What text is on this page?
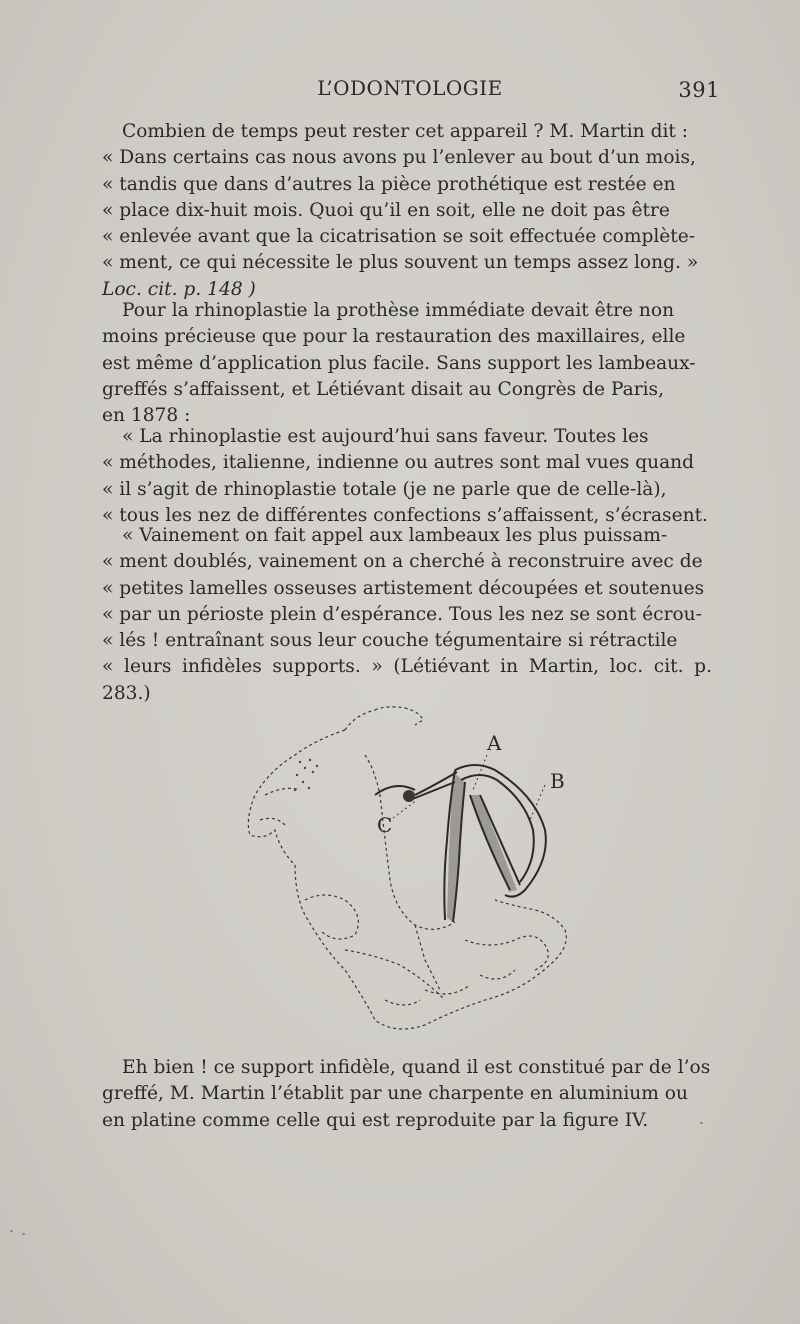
L’ODONTOLOGIE	391
Combien de temps peut rester cet appareil ? M. Martin dit :
« Dans certains cas nous avons pu l’enlever au bout d’un mois,
« tandis que dans d’autres la pièce prothétique est restée en
« place dix-huit mois. Quoi qu’il en soit, elle ne doit pas être
« enlevée avant que la cicatrisation se soit effectuée complète-
« ment, ce qui nécessite le plus souvent un temps assez long. »
Loc. cit. p. 148 )
Pour la rhinoplastie la prothèse immédiate devait être non
moins précieuse que pour la restauration des maxillaires, elle
est même d’application plus facile. Sans support les lambeaux-
greffés s’affaissent, et Létiévant disait au Congrès de Paris,
en 1878 :
« La rhinoplastie est aujourd’hui sans faveur. Toutes les
« méthodes, italienne, indienne ou autres sont mal vues quand
« il s’agit de rhinoplastie totale (je ne parle que de celle-là),
« tous les nez de différentes confections s’affaissent, s’écrasent.
« Vainement on fait appel aux lambeaux les plus puissam-
« ment doublés, vainement on a cherché à reconstruire avec de
« petites lamelles osseuses artistement découpées et soutenues
« par un périoste plein d’espérance. Tous les nez se sont écrou-
« lés ! entraînant sous leur couche tégumentaire si rétractile
« leurs infidèles supports. » (Létiévant in Martin, loc. cit. p. 283.)
A
B
C
Eh bien ! ce support infidèle, quand il est constitué par de l’os
greffé, M. Martin l’établit par une charpente en aluminium ou
en platine comme celle qui est reproduite par la figure IV.
